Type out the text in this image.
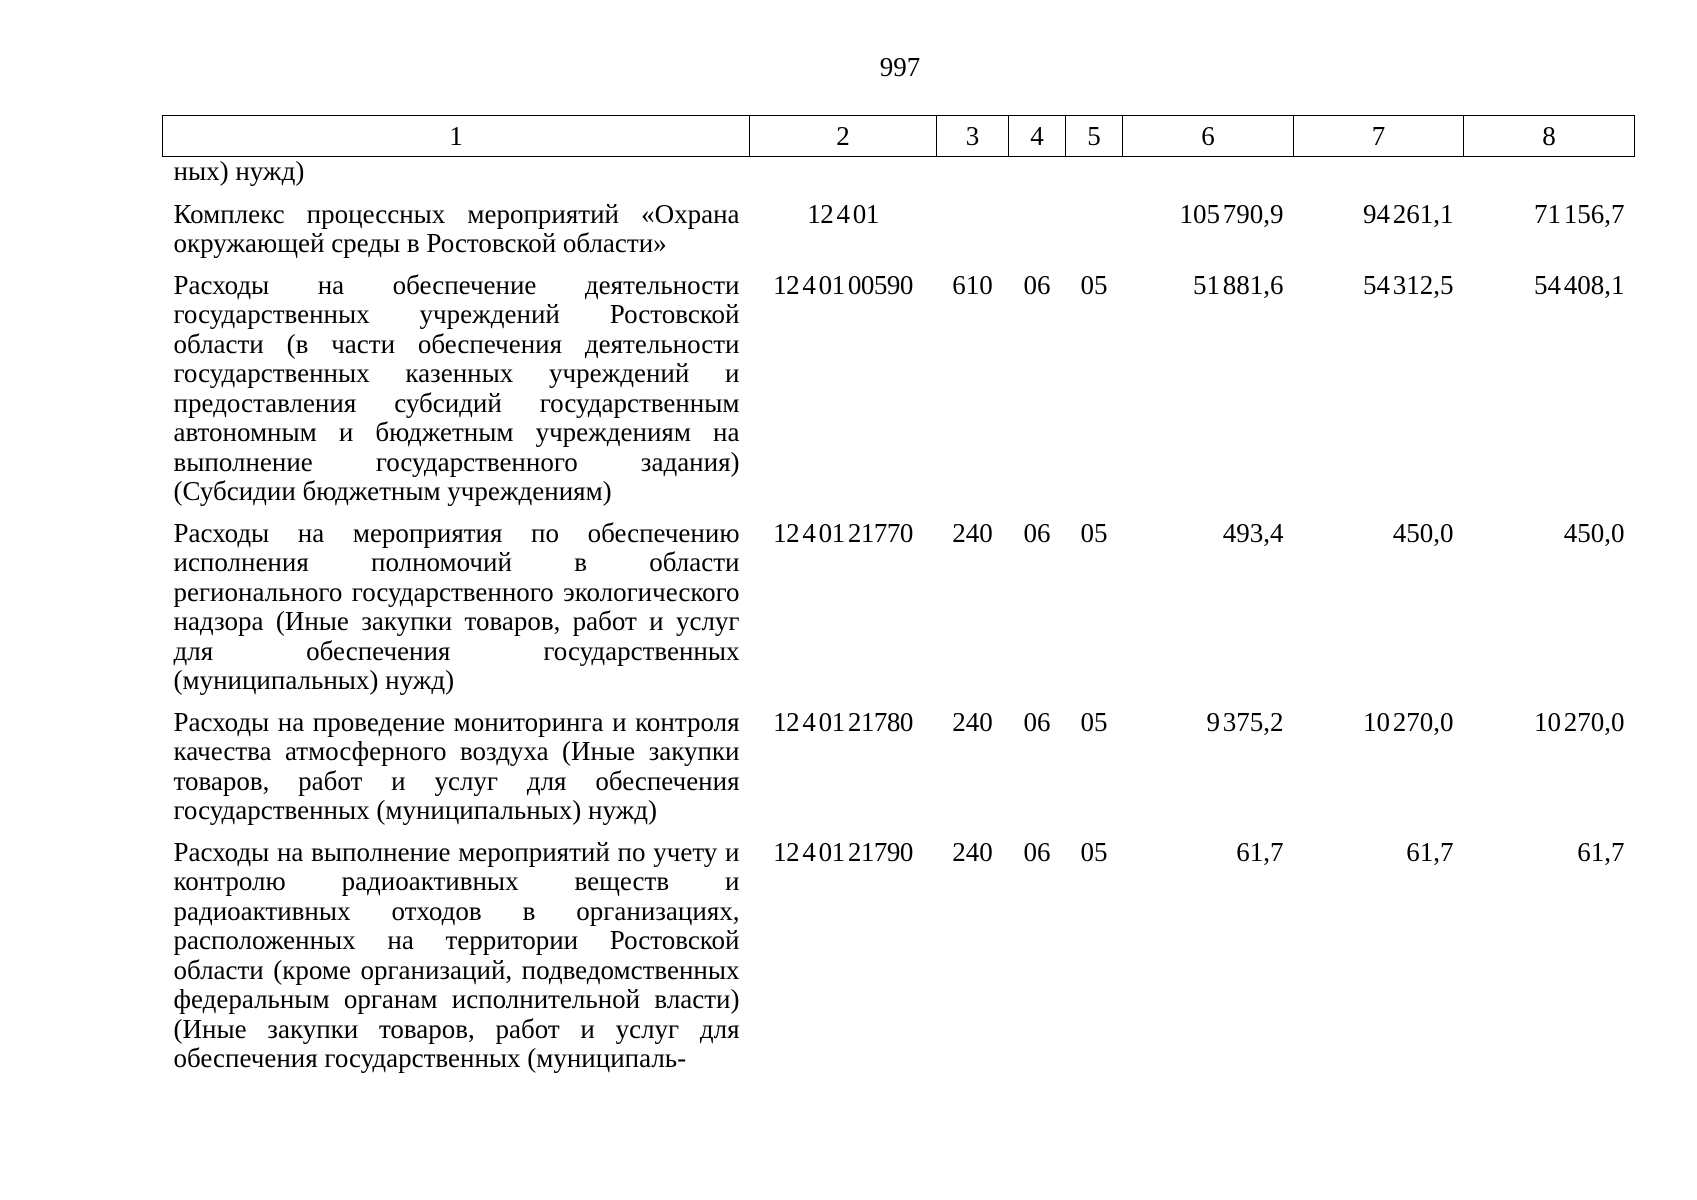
997
1	2	3	4	5	6	7	8
ных) нужд)							
Комплекс процессных мероприятий «Охрана окружающей среды в Ростовской области»	12 4 01				105 790,9	94 261,1	71 156,7
Расходы на обеспечение деятельности государственных учреждений Ростовской области (в части обеспечения деятельности государственных казенных учреждений и предоставления субсидий государственным автономным и бюджетным учреждениям на выполнение государственного задания) (Субсидии бюджетным учреждениям)	12 4 01 00590	610	06	05	51 881,6	54 312,5	54 408,1
Расходы на мероприятия по обеспечению исполнения полномочий в области регионального государственного экологического надзора (Иные закупки товаров, работ и услуг для обеспечения государственных (муниципальных) нужд)	12 4 01 21770	240	06	05	493,4	450,0	450,0
Расходы на проведение мониторинга и контроля качества атмосферного воздуха (Иные закупки товаров, работ и услуг для обеспечения государственных (муниципальных) нужд)	12 4 01 21780	240	06	05	9 375,2	10 270,0	10 270,0
Расходы на выполнение мероприятий по учету и контролю радиоактивных веществ и радиоактивных отходов в организациях, расположенных на территории Ростовской области (кроме организаций, подведомственных федеральным органам исполнительной власти) (Иные закупки товаров, работ и услуг для обеспечения государственных (муниципаль-	12 4 01 21790	240	06	05	61,7	61,7	61,7
